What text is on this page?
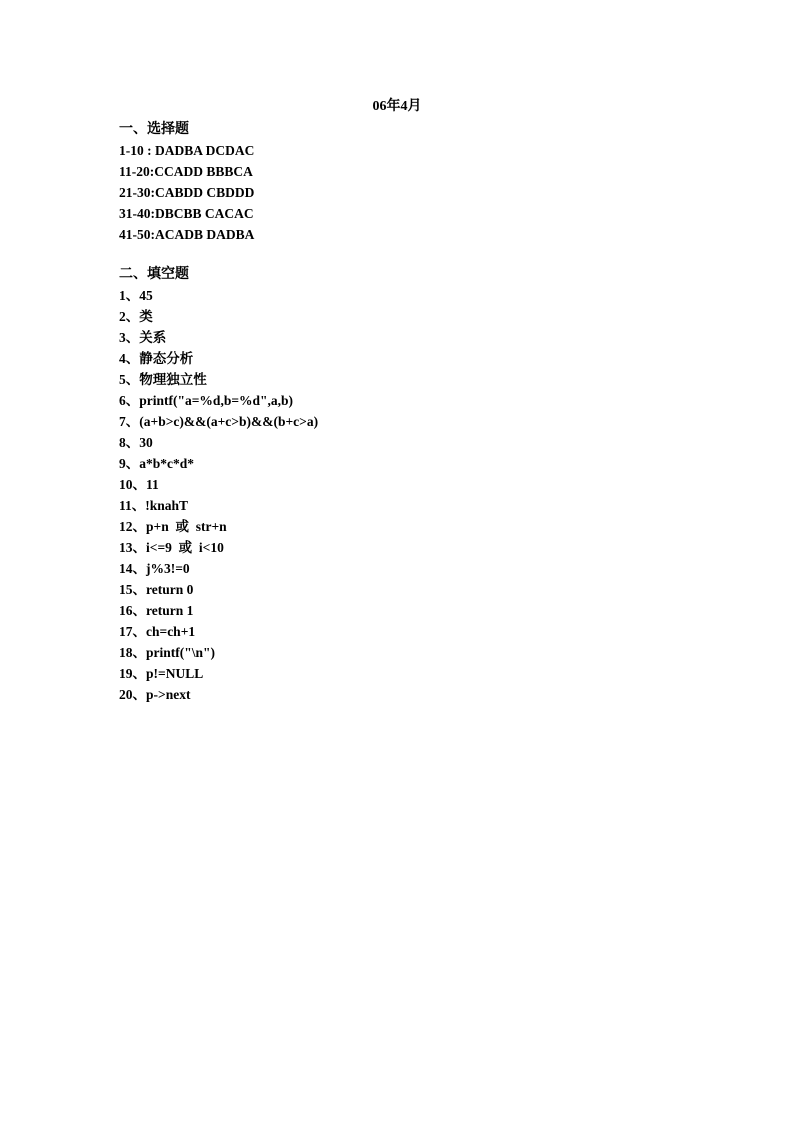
06年4月
一、选择题
1-10 : DADBA DCDAC
11-20:CCADD BBBCA
21-30:CABDD CBDDD
31-40:DBCBB CACAC
41-50:ACADB DADBA
二、填空题
1、45
2、类
3、关系
4、静态分析
5、物理独立性
6、printf("a=%d,b=%d",a,b)
7、(a+b>c)&&(a+c>b)&&(b+c>a)
8、30
9、a*b*c*d*
10、11
11、!knahT
12、p+n  或  str+n
13、i<=9  或  i<10
14、j%3!=0
15、return 0
16、return 1
17、ch=ch+1
18、printf("\n")
19、p!=NULL
20、p->next
